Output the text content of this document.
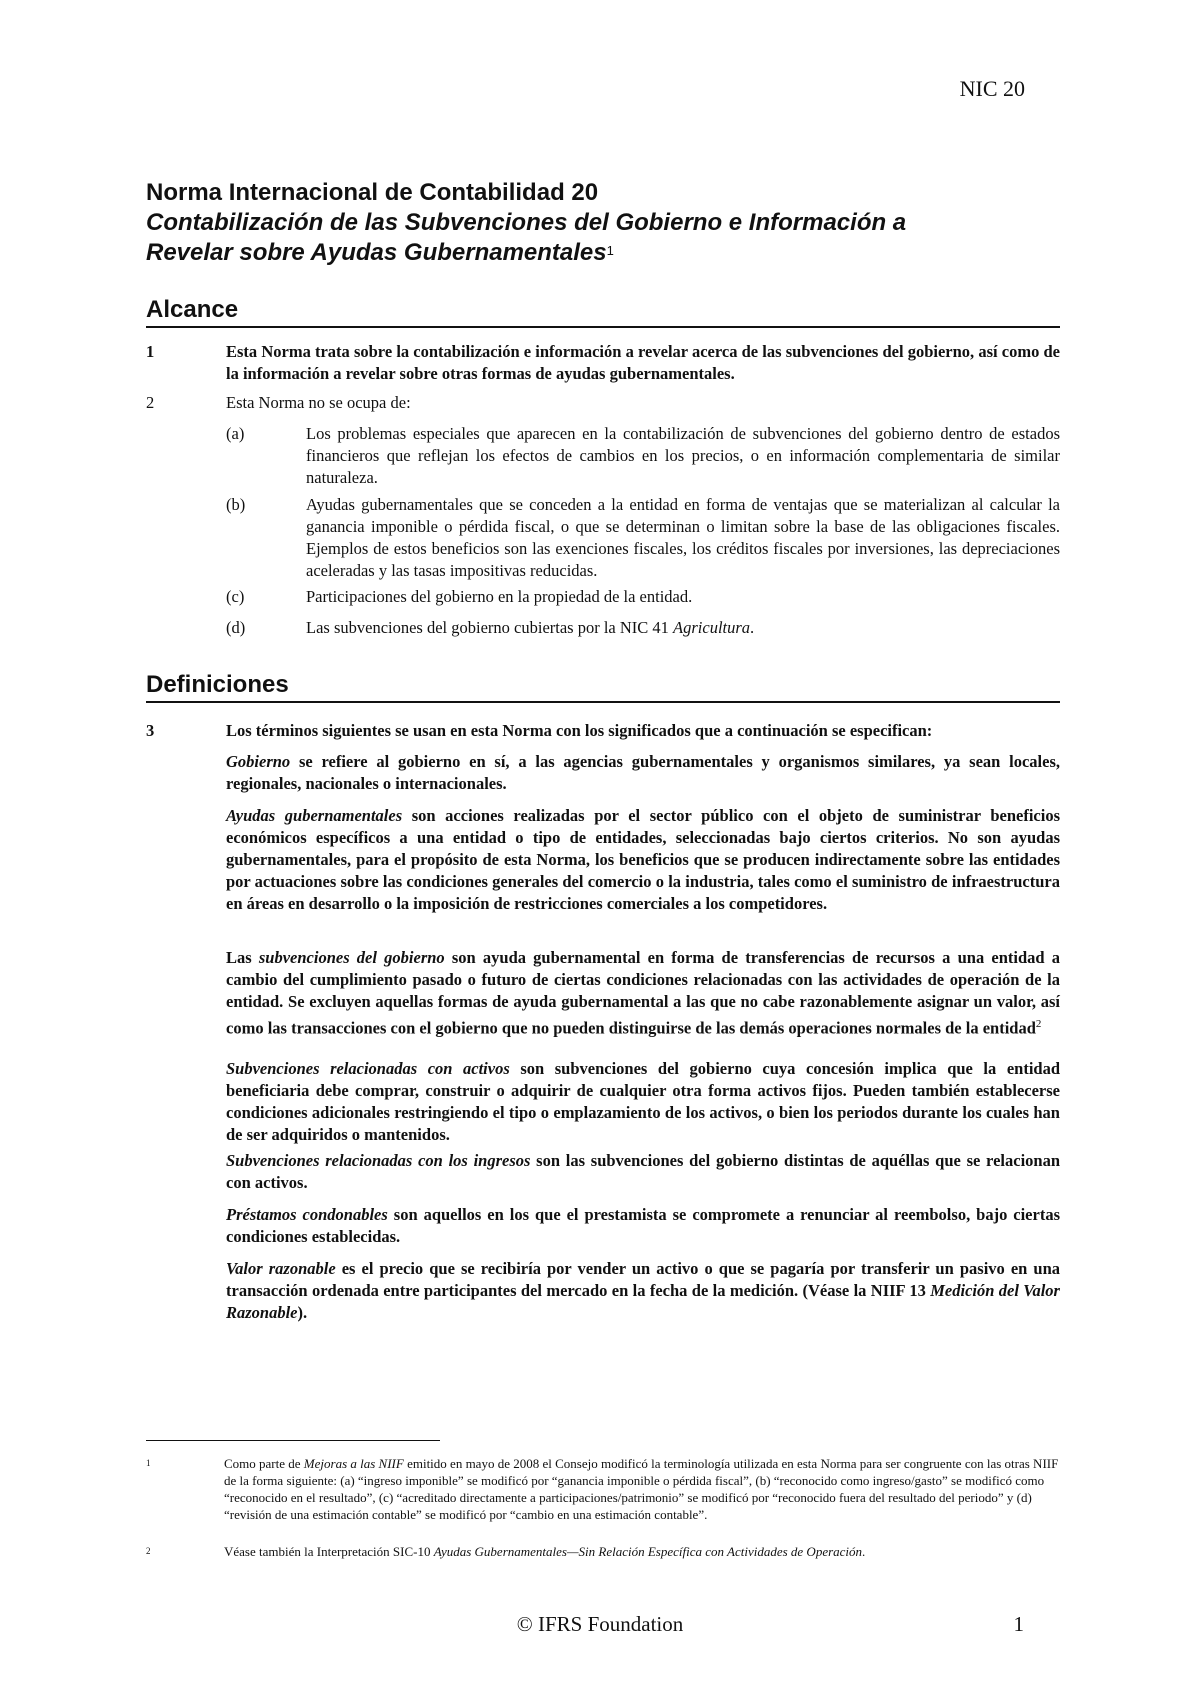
NIC 20
Norma Internacional de Contabilidad 20
Contabilización de las Subvenciones del Gobierno e Información a
Revelar sobre Ayudas Gubernamentales$^1$
Alcance
1	Esta Norma trata sobre la contabilización e información a revelar acerca de las subvenciones del gobierno, así como de la información a revelar sobre otras formas de ayudas gubernamentales.
2	Esta Norma no se ocupa de:
(a)	Los problemas especiales que aparecen en la contabilización de subvenciones del gobierno dentro de estados financieros que reflejan los efectos de cambios en los precios, o en información complementaria de similar naturaleza.
(b)	Ayudas gubernamentales que se conceden a la entidad en forma de ventajas que se materializan al calcular la ganancia imponible o pérdida fiscal, o que se determinan o limitan sobre la base de las obligaciones fiscales. Ejemplos de estos beneficios son las exenciones fiscales, los créditos fiscales por inversiones, las depreciaciones aceleradas y las tasas impositivas reducidas.
(c)	Participaciones del gobierno en la propiedad de la entidad.
(d)	Las subvenciones del gobierno cubiertas por la NIC 41 Agricultura.
Definiciones
3	Los términos siguientes se usan en esta Norma con los significados que a continuación se especifican:
Gobierno se refiere al gobierno en sí, a las agencias gubernamentales y organismos similares, ya sean locales, regionales, nacionales o internacionales.
Ayudas gubernamentales son acciones realizadas por el sector público con el objeto de suministrar beneficios económicos específicos a una entidad o tipo de entidades, seleccionadas bajo ciertos criterios. No son ayudas gubernamentales, para el propósito de esta Norma, los beneficios que se producen indirectamente sobre las entidades por actuaciones sobre las condiciones generales del comercio o la industria, tales como el suministro de infraestructura en áreas en desarrollo o la imposición de restricciones comerciales a los competidores.
Las subvenciones del gobierno son ayuda gubernamental en forma de transferencias de recursos a una entidad a cambio del cumplimiento pasado o futuro de ciertas condiciones relacionadas con las actividades de operación de la entidad. Se excluyen aquellas formas de ayuda gubernamental a las que no cabe razonablemente asignar un valor, así como las transacciones con el gobierno que no pueden distinguirse de las demás operaciones normales de la entidad$^2$
Subvenciones relacionadas con activos son subvenciones del gobierno cuya concesión implica que la entidad beneficiaria debe comprar, construir o adquirir de cualquier otra forma activos fijos. Pueden también establecerse condiciones adicionales restringiendo el tipo o emplazamiento de los activos, o bien los periodos durante los cuales han de ser adquiridos o mantenidos.
Subvenciones relacionadas con los ingresos son las subvenciones del gobierno distintas de aquéllas que se relacionan con activos.
Préstamos condonables son aquellos en los que el prestamista se compromete a renunciar al reembolso, bajo ciertas condiciones establecidas.
Valor razonable es el precio que se recibiría por vender un activo o que se pagaría por transferir un pasivo en una transacción ordenada entre participantes del mercado en la fecha de la medición. (Véase la NIIF 13 Medición del Valor Razonable).
1	Como parte de Mejoras a las NIIF emitido en mayo de 2008 el Consejo modificó la terminología utilizada en esta Norma para ser congruente con las otras NIIF de la forma siguiente: (a) “ingreso imponible” se modificó por “ganancia imponible o pérdida fiscal”, (b) “reconocido como ingreso/gasto” se modificó como “reconocido en el resultado”, (c) “acreditado directamente a participaciones/patrimonio” se modificó por “reconocido fuera del resultado del periodo” y (d) “revisión de una estimación contable” se modificó por “cambio en una estimación contable”.
2	Véase también la Interpretación SIC-10 Ayudas Gubernamentales—Sin Relación Específica con Actividades de Operación.
© IFRS Foundation	1
